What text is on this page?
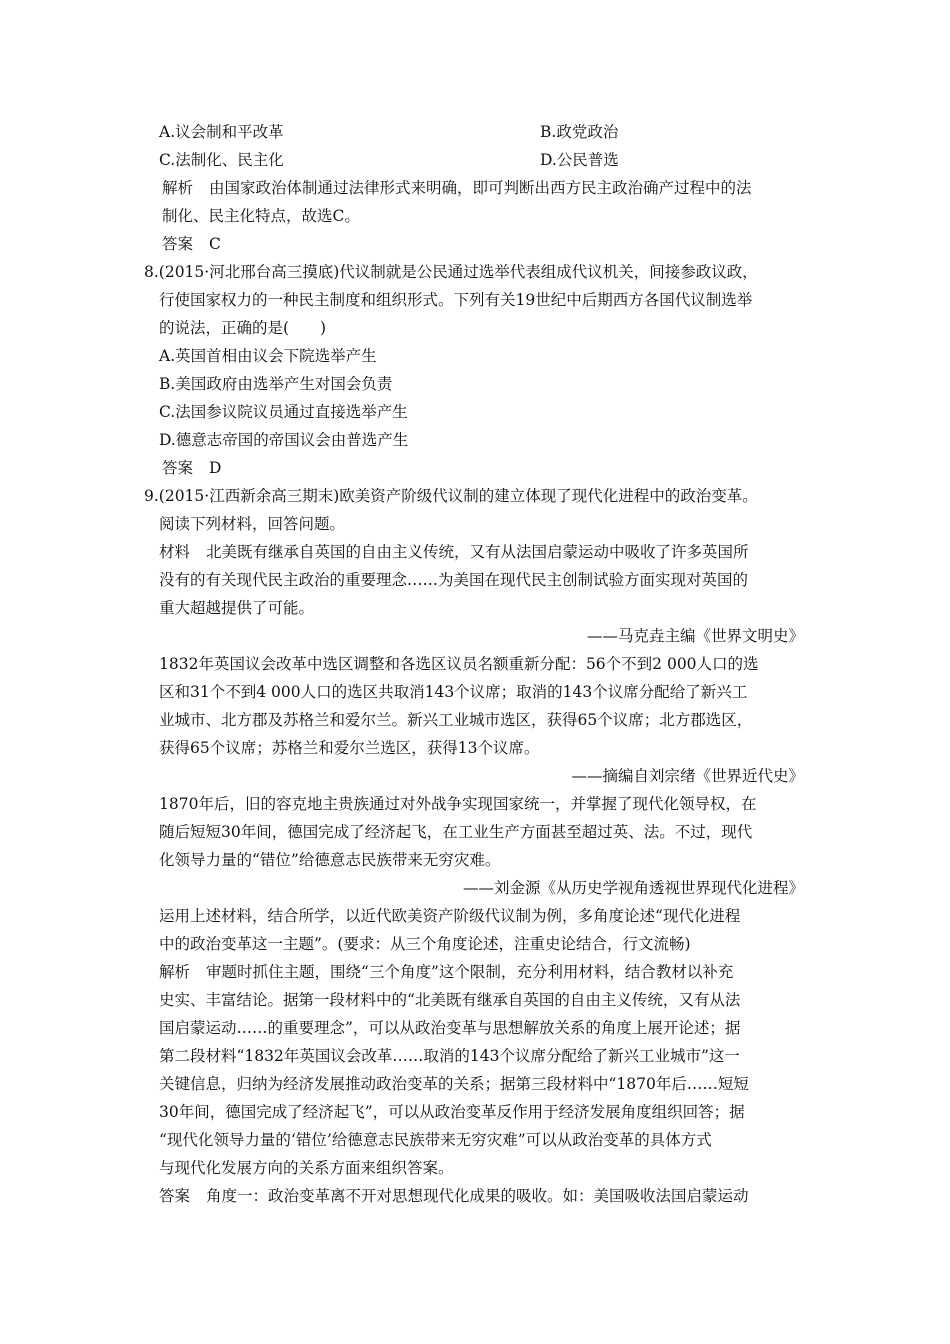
A.议会制和平改革	B.政党政治
C.法制化、民主化	D.公民普选
解析 由国家政治体制通过法律形式来明确，即可判断出西方民主政治确产过程中的法
制化、民主化特点，故选C。
答案 C
8.(2015·河北邢台高三摸底)代议制就是公民通过选举代表组成代议机关，间接参政议政，
行使国家权力的一种民主制度和组织形式。下列有关19世纪中后期西方各国代议制选举
的说法，正确的是(　　)
A.英国首相由议会下院选举产生
B.美国政府由选举产生对国会负责
C.法国参议院议员通过直接选举产生
D.德意志帝国的帝国议会由普选产生
答案 D
9.(2015·江西新余高三期末)欧美资产阶级代议制的建立体现了现代化进程中的政治变革。
阅读下列材料，回答问题。
材料 北美既有继承自英国的自由主义传统，又有从法国启蒙运动中吸收了许多英国所
没有的有关现代民主政治的重要理念……为美国在现代民主创制试验方面实现对英国的
重大超越提供了可能。
——马克垚主编《世界文明史》
1832年英国议会改革中选区调整和各选区议员名额重新分配：56个不到2 000人口的选
区和31个不到4 000人口的选区共取消143个议席；取消的143个议席分配给了新兴工
业城市、北方郡及苏格兰和爱尔兰。新兴工业城市选区，获得65个议席；北方郡选区，
获得65个议席；苏格兰和爱尔兰选区，获得13个议席。
——摘编自刘宗绪《世界近代史》
1870年后，旧的容克地主贵族通过对外战争实现国家统一，并掌握了现代化领导权，在
随后短短30年间，德国完成了经济起飞，在工业生产方面甚至超过英、法。不过，现代
化领导力量的“错位”给德意志民族带来无穷灾难。
——刘金源《从历史学视角透视世界现代化进程》
运用上述材料，结合所学，以近代欧美资产阶级代议制为例，多角度论述“现代化进程
中的政治变革这一主题”。(要求：从三个角度论述，注重史论结合，行文流畅)
解析 审题时抓住主题，围绕“三个角度”这个限制，充分利用材料，结合教材以补充
史实、丰富结论。据第一段材料中的“北美既有继承自英国的自由主义传统，又有从法
国启蒙运动……的重要理念”，可以从政治变革与思想解放关系的角度上展开论述；据
第二段材料“1832年英国议会改革……取消的143个议席分配给了新兴工业城市”这一
关键信息，归纳为经济发展推动政治变革的关系；据第三段材料中“1870年后……短短
30年间，德国完成了经济起飞”，可以从政治变革反作用于经济发展角度组织回答；据
“现代化领导力量的‘错位’给德意志民族带来无穷灾难”可以从政治变革的具体方式
与现代化发展方向的关系方面来组织答案。
答案 角度一：政治变革离不开对思想现代化成果的吸收。如：美国吸收法国启蒙运动
